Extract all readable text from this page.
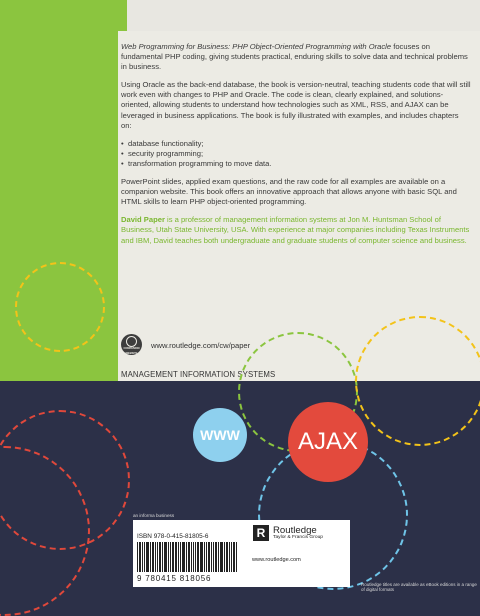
Web Programming for Business: PHP Object-Oriented Programming with Oracle focuses on fundamental PHP coding, giving students practical, enduring skills to solve data and technical problems in business.

Using Oracle as the back-end database, the book is version-neutral, teaching students code that will still work even with changes to PHP and Oracle. The code is clean, clearly explained, and solutions-oriented, allowing students to understand how technologies such as XML, RSS, and AJAX can be leveraged in business applications. The book is fully illustrated with examples, and includes chapters on:

• database functionality;
• security programming;
• transformation programming to move data.

PowerPoint slides, applied exam questions, and the raw code for all examples are available on a companion website. This book offers an innovative approach that allows anyone with basic SQL and HTML skills to learn PHP object-oriented programming.

David Paper is a professor of management information systems at Jon M. Huntsman School of Business, Utah State University, USA. With experience at major companies including Texas Instruments and IBM, David teaches both undergraduate and graduate students of computer science and business.

COMPANION WEBSITE
www.routledge.com/cw/paper
MANAGEMENT INFORMATION SYSTEMS
WWW	AJAX
an informa business
ISBN 978-0-415-81805-6
9 780415 818056
R Routledge
Taylor & Francis Group
www.routledge.com
Routledge titles are available as eBook editions in a range of digital formats
